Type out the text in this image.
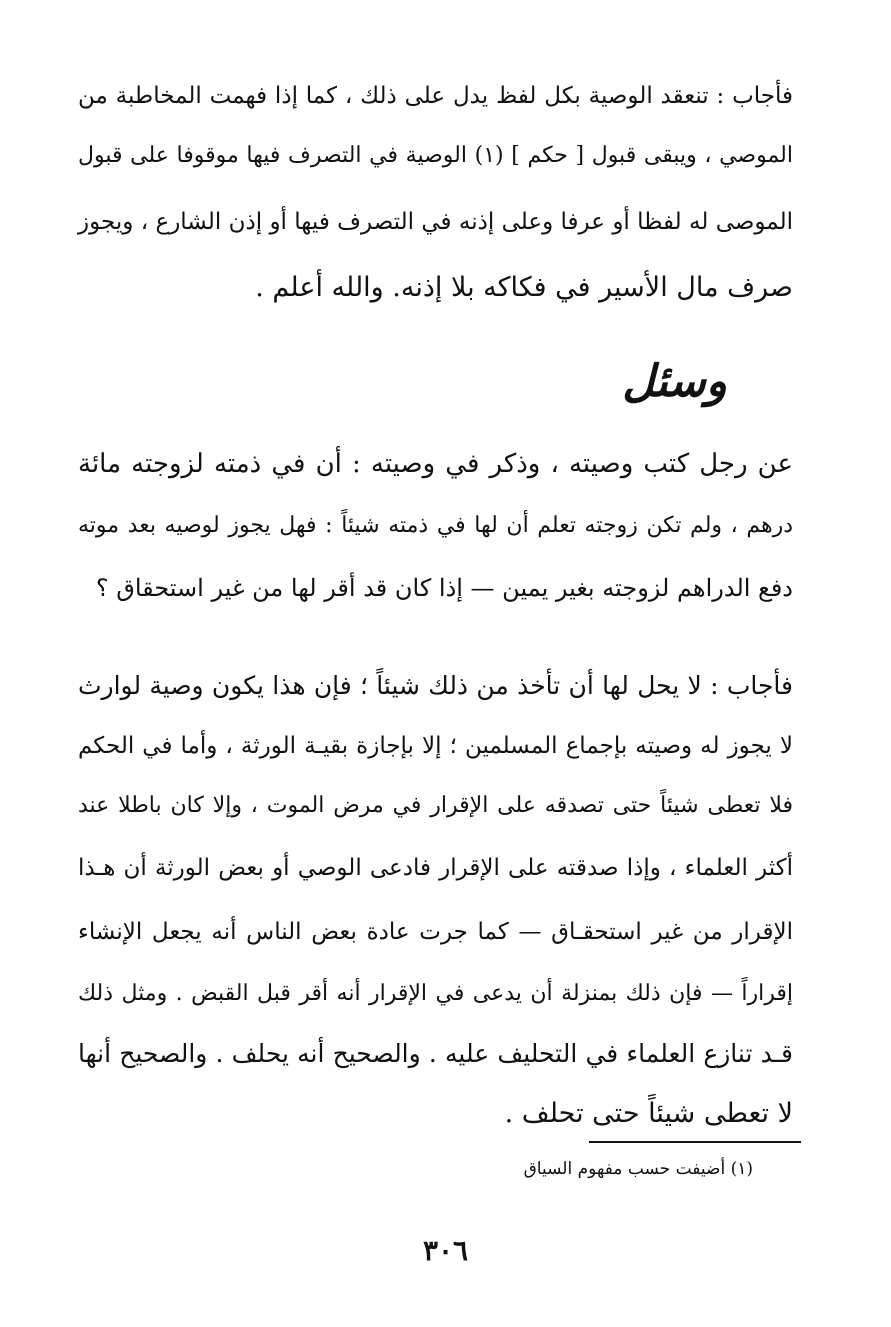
فأجاب : تنعقد الوصية بكل لفظ يدل على ذلك ، كما إذا فهمت المخاطبة من
الموصي ، ويبقى قبول [ حكم ] (١) الوصية في التصرف فيها موقوفا على قبول
الموصى له لفظا أو عرفا وعلى إذنه في التصرف فيها أو إذن الشارع ، ويجوز
صرف مال الأسير في فكاكه بلا إذنه. والله أعلم .
وسئل
عن رجل كتب وصيته ، وذكر في وصيته : أن في ذمته لزوجته مائة
درهم ، ولم تكن زوجته تعلم أن لها في ذمته شيئاً : فهل يجوز لوصيه بعد موته
دفع الدراهم لزوجته بغير يمين — إذا كان قد أقر لها من غير استحقاق ؟
فأجاب : لا يحل لها أن تأخذ من ذلك شيئاً ؛ فإن هذا يكون وصية لوارث
لا يجوز له وصيته بإجماع المسلمين ؛ إلا بإجازة بقيـة الورثة ، وأما في الحكم
فلا تعطى شيئاً حتى تصدقه على الإقرار في مرض الموت ، وإلا كان باطلا عند
أكثر العلماء ، وإذا صدقته على الإقرار فادعى الوصي أو بعض الورثة أن هـذا
الإقرار من غير استحقـاق — كما جرت عادة بعض الناس أنه يجعل الإنشاء
إقراراً — فإن ذلك بمنزلة أن يدعى في الإقرار أنه أقر قبل القبض . ومثل ذلك
قـد تنازع العلماء في التحليف عليه . والصحيح أنه يحلف . والصحيح أنها
لا تعطى شيئاً حتى تحلف .
(١) أضيفت حسب مفهوم السياق
٣٠٦
